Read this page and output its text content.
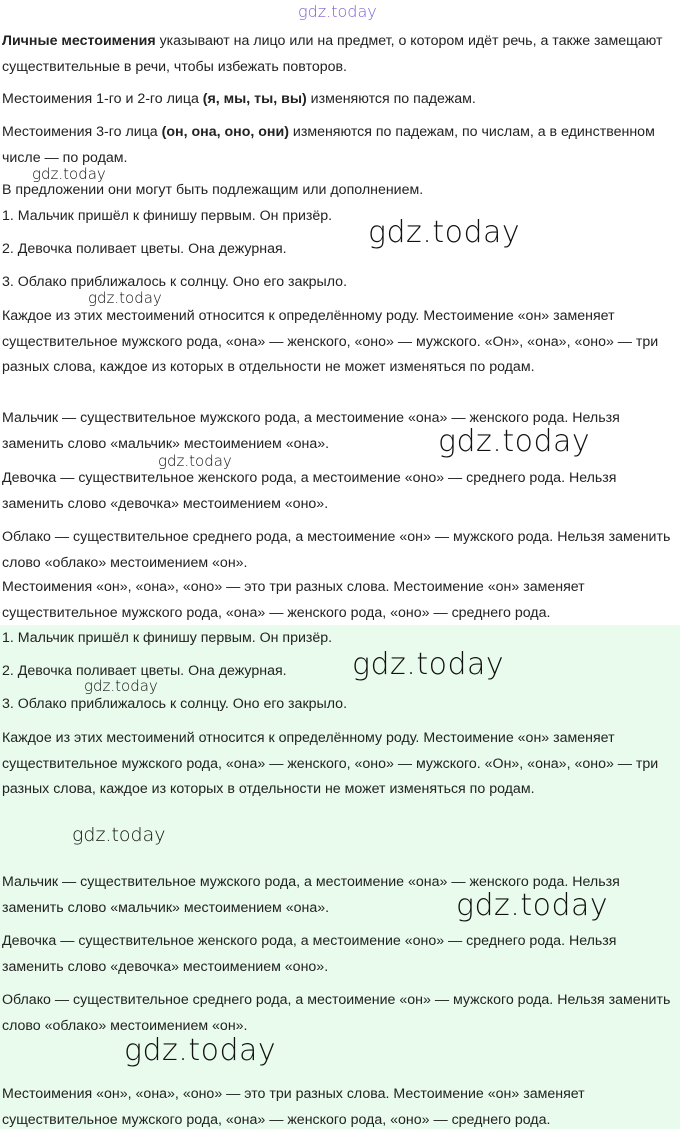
Личные местоимения указывают на лицо или на предмет, о котором идёт речь, а также замещают существительные в речи, чтобы избежать повторов.

Местоимения 1-го и 2-го лица (я, мы, ты, вы) изменяются по падежам.

Местоимения 3-го лица (он, она, оно, они) изменяются по падежам, по числам, а в единственном числе — по родам.

В предложении они могут быть подлежащим или дополнением.

1. Мальчик пришёл к финишу первым. Он призёр.

2. Девочка поливает цветы. Она дежурная.

3. Облако приближалось к солнцу. Оно его закрыло.

Каждое из этих местоимений относится к определённому роду. Местоимение «он» заменяет существительное мужского рода, «она» — женского, «оно» — мужского. «Он», «она», «оно» — три разных слова, каждое из которых в отдельности не может изменяться по родам.

Мальчик — существительное мужского рода, а местоимение «она» — женского рода. Нельзя заменить слово «мальчик» местоимением «она».

Девочка — существительное женского рода, а местоимение «оно» — среднего рода. Нельзя заменить слово «девочка» местоимением «оно».

Облако — существительное среднего рода, а местоимение «он» — мужского рода. Нельзя заменить слово «облако» местоимением «он».

Местоимения «он», «она», «оно» — это три разных слова. Местоимение «он» заменяет существительное мужского рода, «она» — женского рода, «оно» — среднего рода.

1. Мальчик пришёл к финишу первым. Он призёр.

2. Девочка поливает цветы. Она дежурная.

3. Облако приближалось к солнцу. Оно его закрыло.

Каждое из этих местоимений относится к определённому роду. Местоимение «он» заменяет существительное мужского рода, «она» — женского, «оно» — мужского. «Он», «она», «оно» — три разных слова, каждое из которых в отдельности не может изменяться по родам.

Мальчик — существительное мужского рода, а местоимение «она» — женского рода. Нельзя заменить слово «мальчик» местоимением «она».

Девочка — существительное женского рода, а местоимение «оно» — среднего рода. Нельзя заменить слово «девочка» местоимением «оно».

Облако — существительное среднего рода, а местоимение «он» — мужского рода. Нельзя заменить слово «облако» местоимением «он».

Местоимения «он», «она», «оно» — это три разных слова. Местоимение «он» заменяет существительное мужского рода, «она» — женского рода, «оно» — среднего рода.

gdz.today
gdz.today
gdz.today
gdz.today
gdz.today
gdz.today
gdz.today
gdz.today
gdz.today
gdz.today
gdz.today
